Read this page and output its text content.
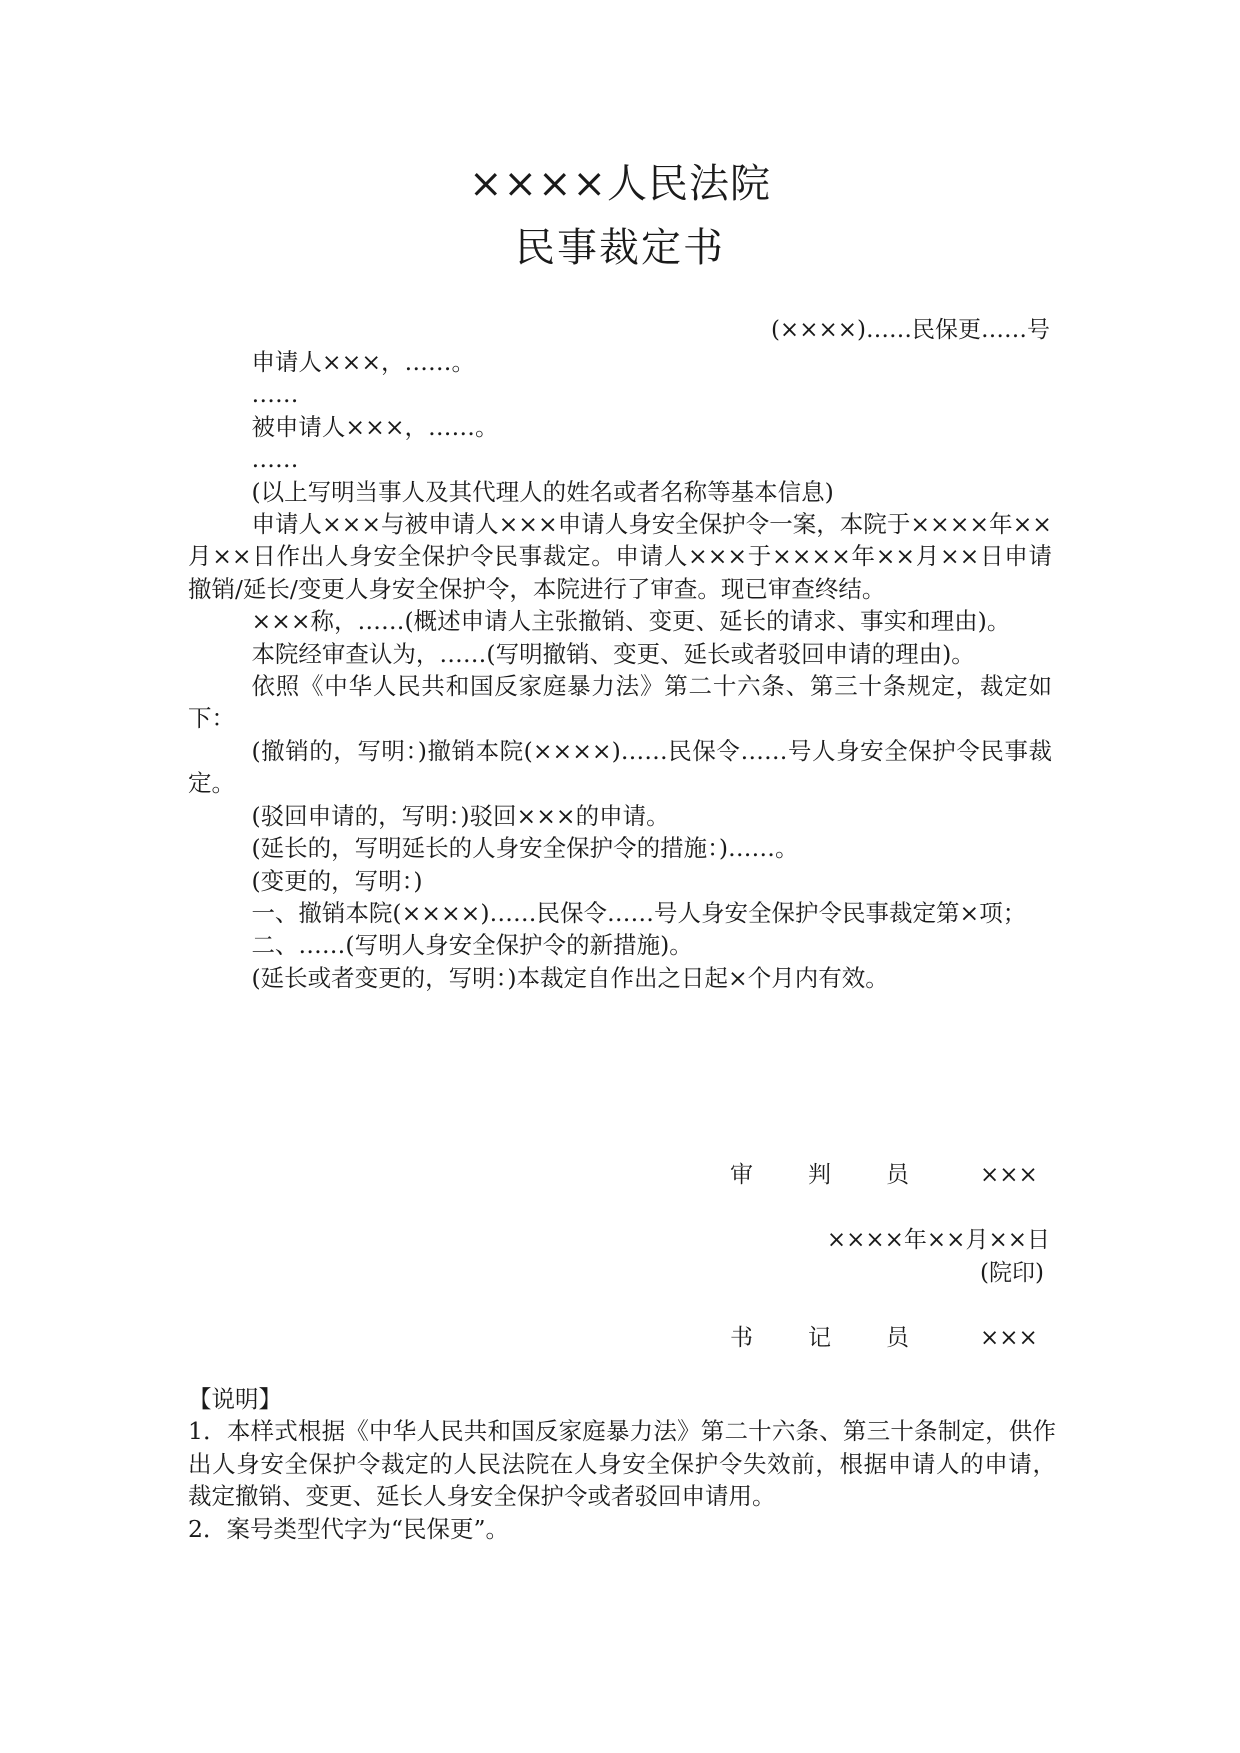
××××人民法院
民事裁定书
(××××)……民保更……号

申请人×××，……。

……

被申请人×××，……。

……

(以上写明当事人及其代理人的姓名或者名称等基本信息)

申请人×××与被申请人×××申请人身安全保护令一案，本院于××××年××月××日作出人身安全保护令民事裁定。申请人×××于××××年××月××日申请撤销/延长/变更人身安全保护令，本院进行了审查。现已审查终结。

×××称，……(概述申请人主张撤销、变更、延长的请求、事实和理由)。

本院经审查认为，……(写明撤销、变更、延长或者驳回申请的理由)。

依照《中华人民共和国反家庭暴力法》第二十六条、第三十条规定，裁定如下：

(撤销的，写明：)撤销本院(××××)……民保令……号人身安全保护令民事裁定。

(驳回申请的，写明：)驳回×××的申请。

(延长的，写明延长的人身安全保护令的措施：)……。

(变更的，写明：)

一、撤销本院(××××)……民保令……号人身安全保护令民事裁定第×项；

二、……(写明人身安全保护令的新措施)。

(延长或者变更的，写明：)本裁定自作出之日起×个月内有效。

审 判 员	×××
××××年××月××日
(院印)
书 记 员	×××

【说明】

1．本样式根据《中华人民共和国反家庭暴力法》第二十六条、第三十条制定，供作出人身安全保护令裁定的人民法院在人身安全保护令失效前，根据申请人的申请，裁定撤销、变更、延长人身安全保护令或者驳回申请用。

2．案号类型代字为“民保更”。
